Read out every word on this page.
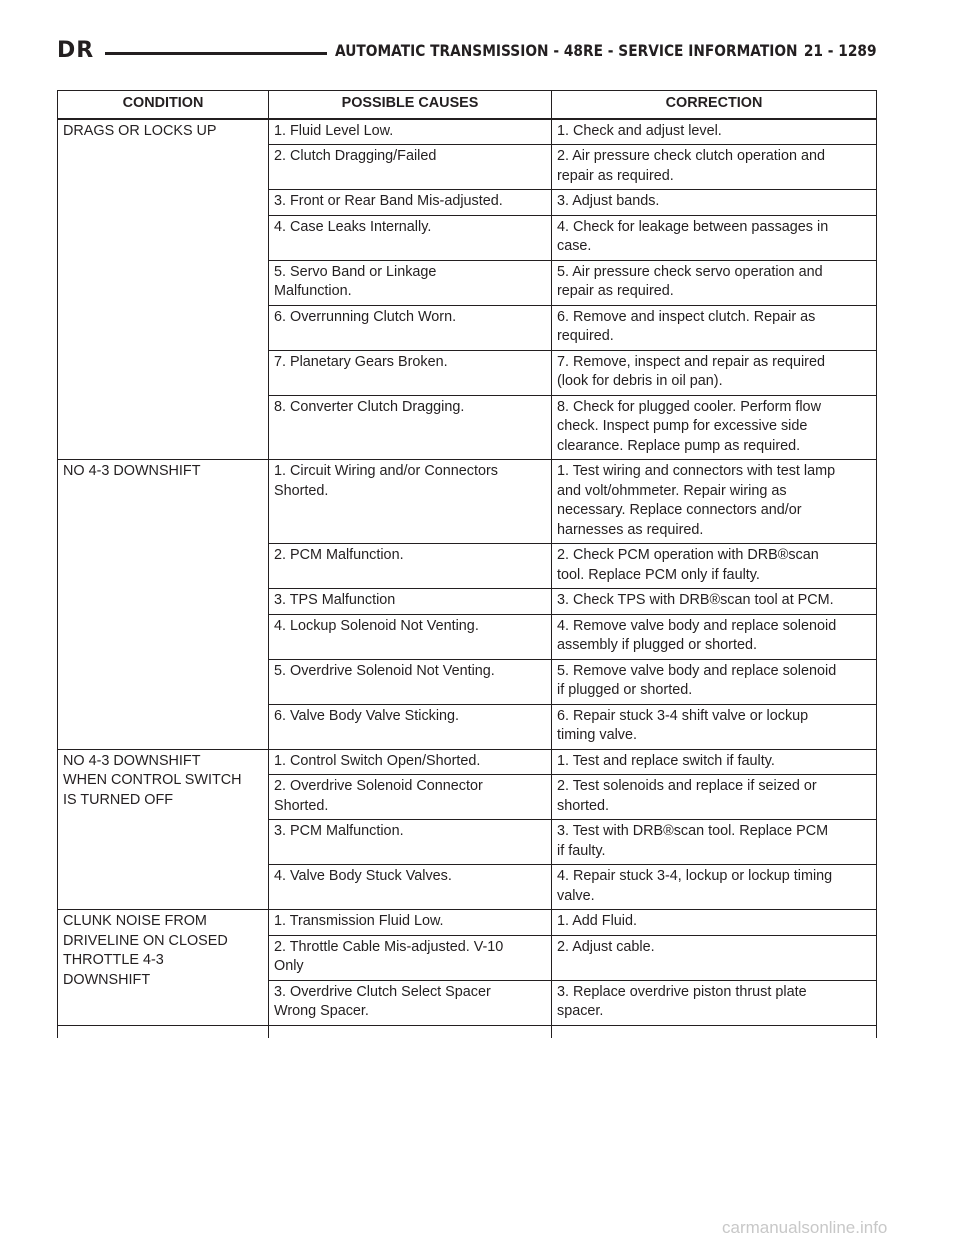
DR	AUTOMATIC TRANSMISSION - 48RE - SERVICE INFORMATION 21 - 1289
CONDITION	POSSIBLE CAUSES	CORRECTION
DRAGS OR LOCKS UP	1. Fluid Level Low.	1. Check and adjust level.
	2. Clutch Dragging/Failed	2. Air pressure check clutch operation and
repair as required.
	3. Front or Rear Band Mis-adjusted.	3. Adjust bands.
	4. Case Leaks Internally.	4. Check for leakage between passages in
case.
	5. Servo Band or Linkage
Malfunction.	5. Air pressure check servo operation and
repair as required.
	6. Overrunning Clutch Worn.	6. Remove and inspect clutch. Repair as
required.
	7. Planetary Gears Broken.	7. Remove, inspect and repair as required
(look for debris in oil pan).
	8. Converter Clutch Dragging.	8. Check for plugged cooler. Perform flow
check. Inspect pump for excessive side
clearance. Replace pump as required.
NO 4-3 DOWNSHIFT	1. Circuit Wiring and/or Connectors
Shorted.	1. Test wiring and connectors with test lamp
and volt/ohmmeter. Repair wiring as
necessary. Replace connectors and/or
harnesses as required.
	2. PCM Malfunction.	2. Check PCM operation with DRB®scan
tool. Replace PCM only if faulty.
	3. TPS Malfunction	3. Check TPS with DRB®scan tool at PCM.
	4. Lockup Solenoid Not Venting.	4. Remove valve body and replace solenoid
assembly if plugged or shorted.
	5. Overdrive Solenoid Not Venting.	5. Remove valve body and replace solenoid
if plugged or shorted.
	6. Valve Body Valve Sticking.	6. Repair stuck 3-4 shift valve or lockup
timing valve.
NO 4-3 DOWNSHIFT
WHEN CONTROL SWITCH
IS TURNED OFF	1. Control Switch Open/Shorted.	1. Test and replace switch if faulty.
	2. Overdrive Solenoid Connector
Shorted.	2. Test solenoids and replace if seized or
shorted.
	3. PCM Malfunction.	3. Test with DRB®scan tool. Replace PCM
if faulty.
	4. Valve Body Stuck Valves.	4. Repair stuck 3-4, lockup or lockup timing
valve.
CLUNK NOISE FROM
DRIVELINE ON CLOSED
THROTTLE 4-3
DOWNSHIFT	1. Transmission Fluid Low.	1. Add Fluid.
	2. Throttle Cable Mis-adjusted. V-10
Only	2. Adjust cable.
	3. Overdrive Clutch Select Spacer
Wrong Spacer.	3. Replace overdrive piston thrust plate
spacer.

carmanualsonline.info
